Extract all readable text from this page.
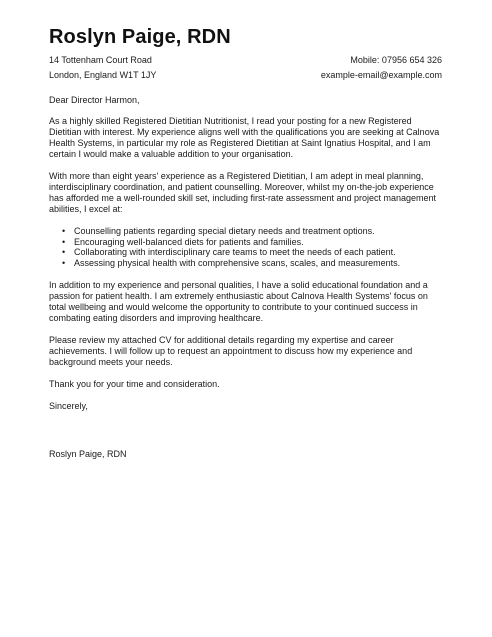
Roslyn Paige, RDN
14 Tottenham Court Road	Mobile: 07956 654 326
London, England W1T 1JY	example-email@example.com

Dear Director Harmon,

As a highly skilled Registered Dietitian Nutritionist, I read your posting for a new Registered Dietitian with interest. My experience aligns well with the qualifications you are seeking at Calnova Health Systems, in particular my role as Registered Dietitian at Saint Ignatius Hospital, and I am certain I would make a valuable addition to your organisation.

With more than eight years' experience as a Registered Dietitian, I am adept in meal planning, interdisciplinary coordination, and patient counselling. Moreover, whilst my on-the-job experience has afforded me a well-rounded skill set, including first-rate assessment and project management abilities, I excel at:

• Counselling patients regarding special dietary needs and treatment options.
• Encouraging well-balanced diets for patients and families.
• Collaborating with interdisciplinary care teams to meet the needs of each patient.
• Assessing physical health with comprehensive scans, scales, and measurements.

In addition to my experience and personal qualities, I have a solid educational foundation and a passion for patient health. I am extremely enthusiastic about Calnova Health Systems' focus on total wellbeing and would welcome the opportunity to contribute to your continued success in combating eating disorders and improving healthcare.

Please review my attached CV for additional details regarding my expertise and career achievements. I will follow up to request an appointment to discuss how my experience and background meets your needs.

Thank you for your time and consideration.

Sincerely,

Roslyn Paige, RDN
